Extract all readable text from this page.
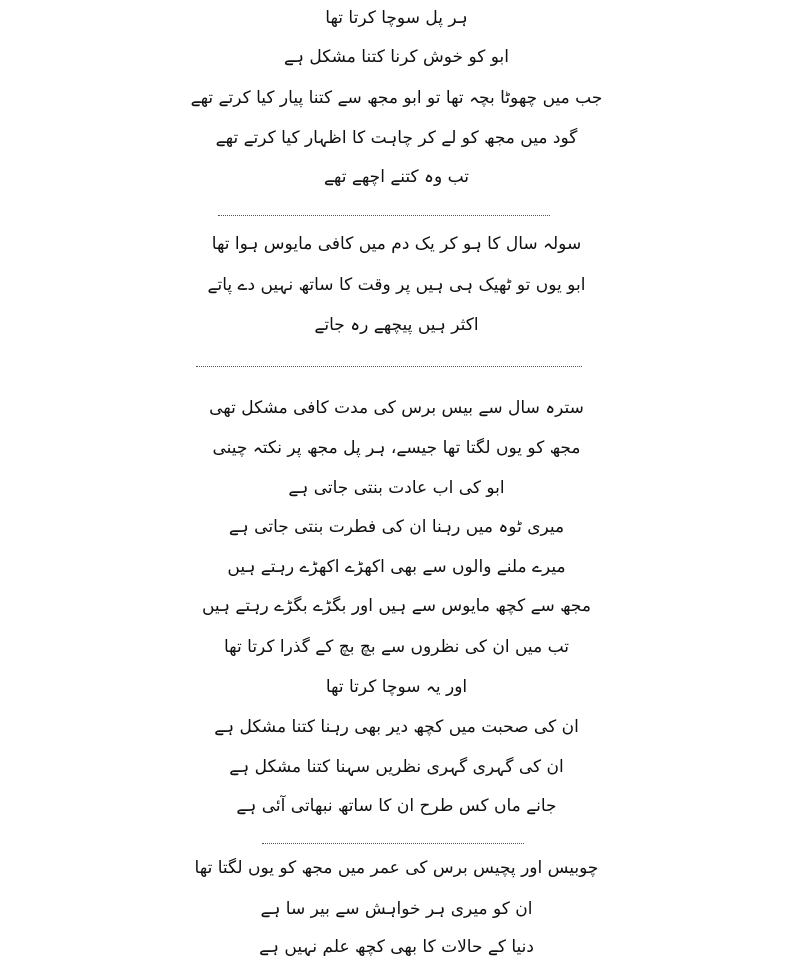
ہر پل سوچا کرتا تھا
ابو کو خوش کرنا کتنا مشکل ہے
جب میں چھوٹا بچہ تھا تو ابو مجھ سے کتنا پیار کیا کرتے تھے
گود میں مجھ کو لے کر چاہت کا اظہار کیا کرتے تھے
تب وہ کتنے اچھے تھے
سولہ سال کا ہو کر یک دم میں کافی مایوس ہوا تھا
ابو یوں تو ٹھیک ہی ہیں پر وقت کا ساتھ نہیں دے پاتے
اکثر ہیں پیچھے رہ جاتے
سترہ سال سے بیس برس کی مدت کافی مشکل تھی
مجھ کو یوں لگتا تھا جیسے، ہر پل مجھ پر نکتہ چینی
ابو کی اب عادت بنتی جاتی ہے
میری ٹوہ میں رہنا ان کی فطرت بنتی جاتی ہے
میرے ملنے والوں سے بھی اکھڑے اکھڑے رہتے ہیں
مجھ سے کچھ مایوس سے ہیں اور بگڑے بگڑے رہتے ہیں
تب میں ان کی نظروں سے بچ بچ کے گذرا کرتا تھا
اور یہ سوچا کرتا تھا
ان کی صحبت میں کچھ دیر بھی رہنا کتنا مشکل ہے
ان کی گہری گہری نظریں سہنا کتنا مشکل ہے
جانے ماں کس طرح ان کا ساتھ نبھاتی آئی ہے
چوبیس اور پچیس برس کی عمر میں مجھ کو یوں لگتا تھا
ان کو میری ہر خواہش سے بیر سا ہے
دنیا کے حالات کا بھی کچھ علم نہیں ہے
